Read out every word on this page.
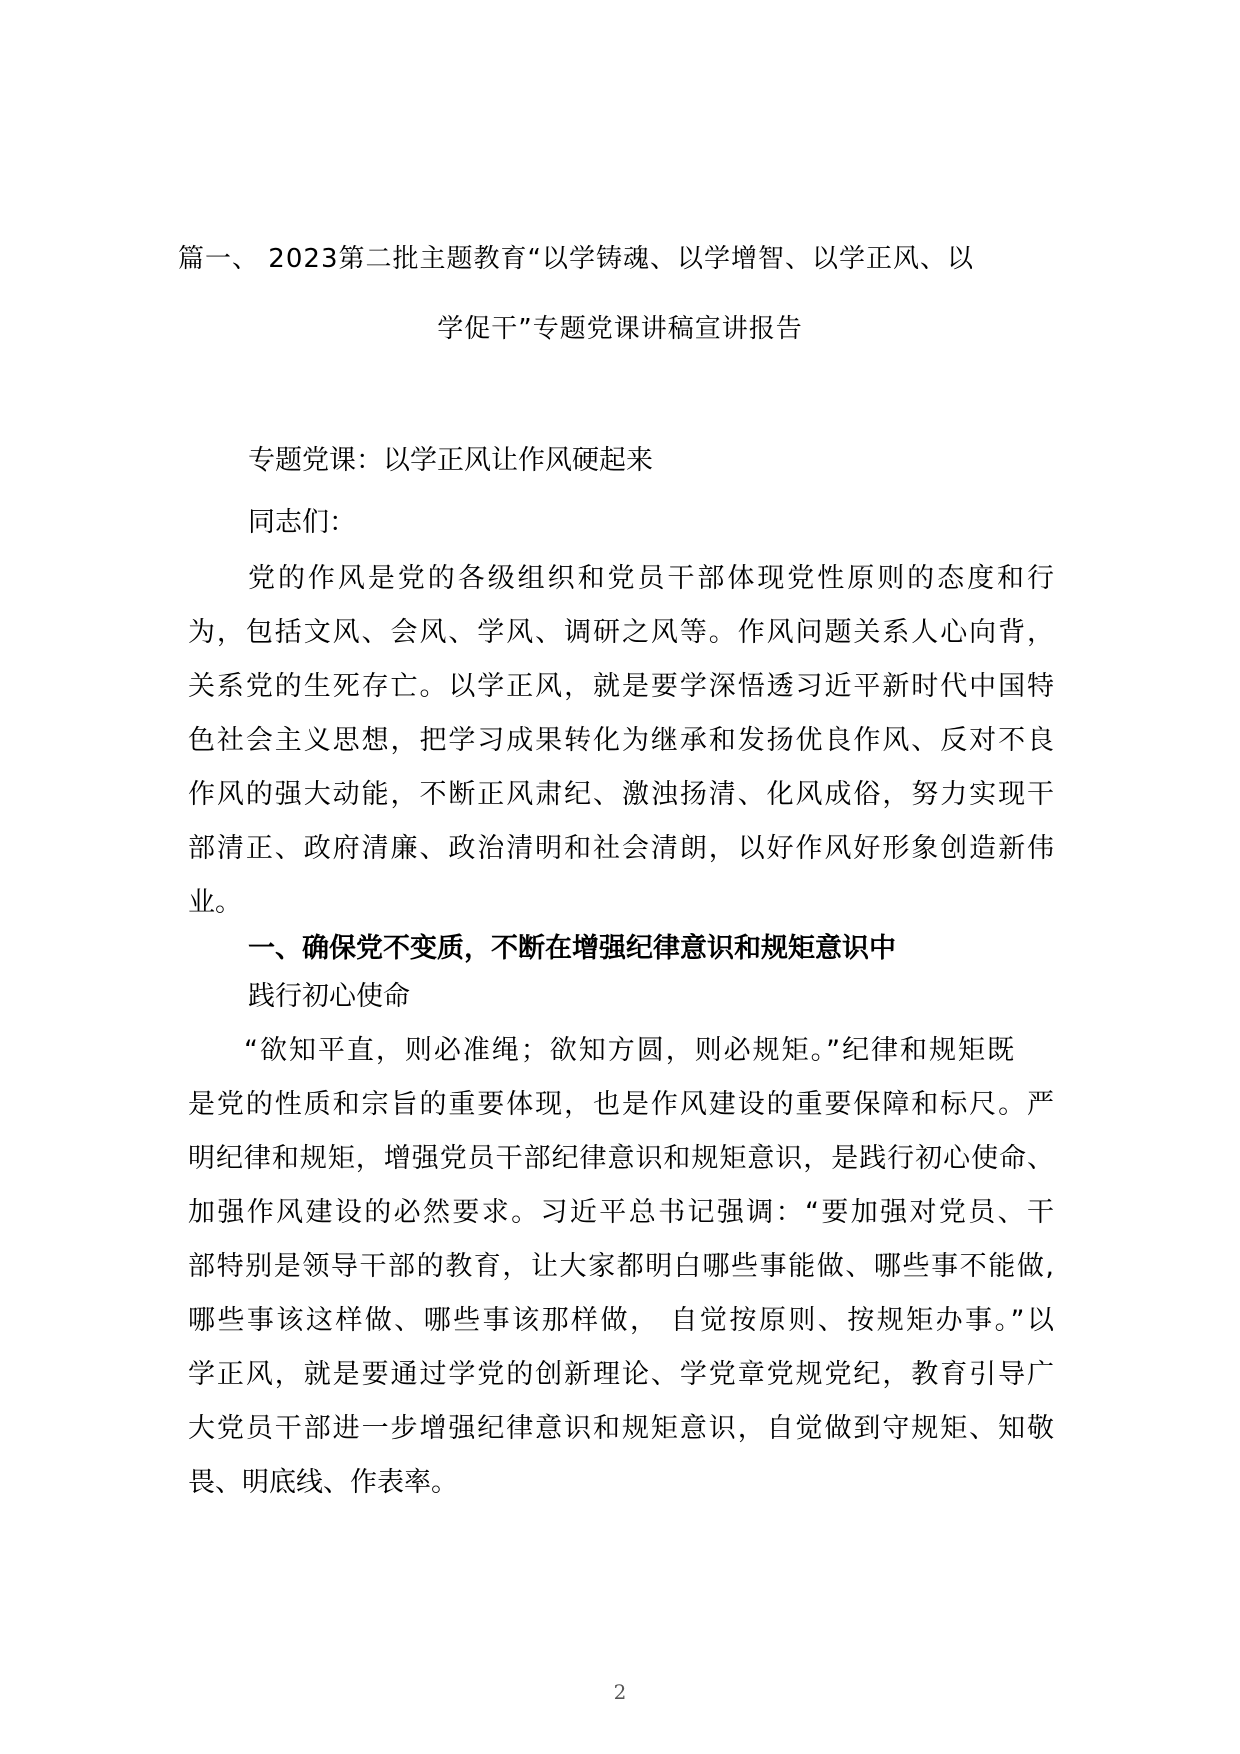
篇一、 2023第二批主题教育“以学铸魂、以学增智、以学正风、以
学促干”专题党课讲稿宣讲报告
专题党课：以学正风让作风硬起来
同志们：
党的作风是党的各级组织和党员干部体现党性原则的态度和行
为，包括文风、会风、学风、调研之风等。作风问题关系人心向背，
关系党的生死存亡。以学正风，就是要学深悟透习近平新时代中国特
色社会主义思想，把学习成果转化为继承和发扬优良作风、反对不良
作风的强大动能，不断正风肃纪、激浊扬清、化风成俗，努力实现干
部清正、政府清廉、政治清明和社会清朗，以好作风好形象创造新伟
业。
一、确保党不变质，不断在增强纪律意识和规矩意识中
践行初心使命
“欲知平直，则必准绳；欲知方圆，则必规矩。”纪律和规矩既
是党的性质和宗旨的重要体现，也是作风建设的重要保障和标尺。严
明纪律和规矩，增强党员干部纪律意识和规矩意识，是践行初心使命、
加强作风建设的必然要求。习近平总书记强调：“要加强对党员、干
部特别是领导干部的教育，让大家都明白哪些事能做、哪些事不能做,
哪些事该这样做、哪些事该那样做， 自觉按原则、按规矩办事。”以
学正风，就是要通过学党的创新理论、学党章党规党纪，教育引导广
大党员干部进一步增强纪律意识和规矩意识，自觉做到守规矩、知敬
畏、明底线、作表率。
2
